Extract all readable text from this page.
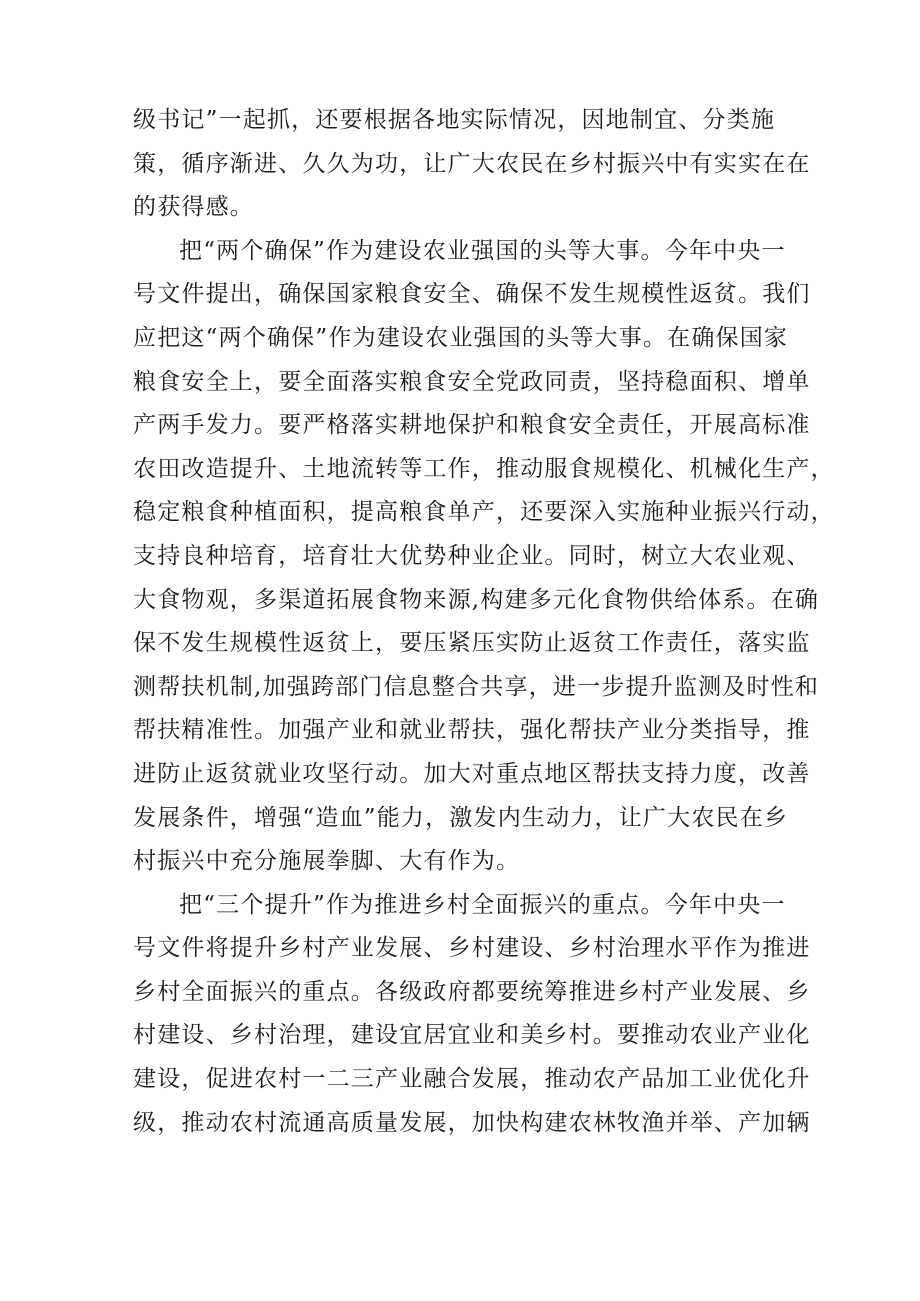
级书记”一起抓，还要根据各地实际情况，因地制宜、分类施
策，循序渐进、久久为功，让广大农民在乡村振兴中有实实在在
的获得感。

把“两个确保”作为建设农业强国的头等大事。今年中央一
号文件提出，确保国家粮食安全、确保不发生规模性返贫。我们
应把这“两个确保”作为建设农业强国的头等大事。在确保国家
粮食安全上，要全面落实粮食安全党政同责，坚持稳面积、增单
产两手发力。要严格落实耕地保护和粮食安全责任，开展高标准
农田改造提升、土地流转等工作，推动服食规模化、机械化生产，
稳定粮食种植面积，提高粮食单产，还要深入实施种业振兴行动，
支持良种培育，培育壮大优势种业企业。同时，树立大农业观、
大食物观，多渠道拓展食物来源,构建多元化食物供给体系。在确
保不发生规模性返贫上，要压紧压实防止返贫工作责任，落实监
测帮扶机制,加强跨部门信息整合共享，进一步提升监测及时性和
帮扶精准性。加强产业和就业帮扶，强化帮扶产业分类指导，推
进防止返贫就业攻坚行动。加大对重点地区帮扶支持力度，改善
发展条件，增强“造血”能力，激发内生动力，让广大农民在乡
村振兴中充分施展拳脚、大有作为。

把“三个提升”作为推进乡村全面振兴的重点。今年中央一
号文件将提升乡村产业发展、乡村建设、乡村治理水平作为推进
乡村全面振兴的重点。各级政府都要统筹推进乡村产业发展、乡
村建设、乡村治理，建设宜居宜业和美乡村。要推动农业产业化
建设，促进农村一二三产业融合发展，推动农产品加工业优化升
级，推动农村流通高质量发展，加快构建农林牧渔并举、产加辆
